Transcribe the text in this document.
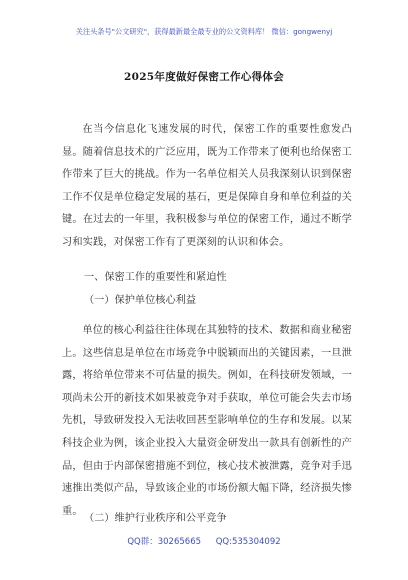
关注头条号"公文研究"，获得最新最全最专业的公文资料库！ 微信：gongwenyj
2025年度做好保密工作心得体会
在当今信息化飞速发展的时代，保密工作的重要性愈发凸显。随着信息技术的广泛应用，既为工作带来了便利也给保密工作带来了巨大的挑战。作为一名单位相关人员我深刻认识到保密工作不仅是单位稳定发展的基石，更是保障自身和单位利益的关键。在过去的一年里，我积极参与单位的保密工作，通过不断学习和实践，对保密工作有了更深刻的认识和体会。
一、保密工作的重要性和紧迫性
（一）保护单位核心利益
单位的核心利益往往体现在其独特的技术、数据和商业秘密上。这些信息是单位在市场竞争中脱颖而出的关键因素，一旦泄露，将给单位带来不可估量的损失。例如，在科技研发领域，一项尚未公开的新技术如果被竞争对手获取，单位可能会失去市场先机，导致研发投入无法收回甚至影响单位的生存和发展。以某科技企业为例，该企业投入大量资金研发出一款具有创新性的产品，但由于内部保密措施不到位，核心技术被泄露，竞争对手迅速推出类似产品，导致该企业的市场份额大幅下降，经济损失惨重。
（二）维护行业秩序和公平竞争
QQ群：30265665 QQ:535304092
